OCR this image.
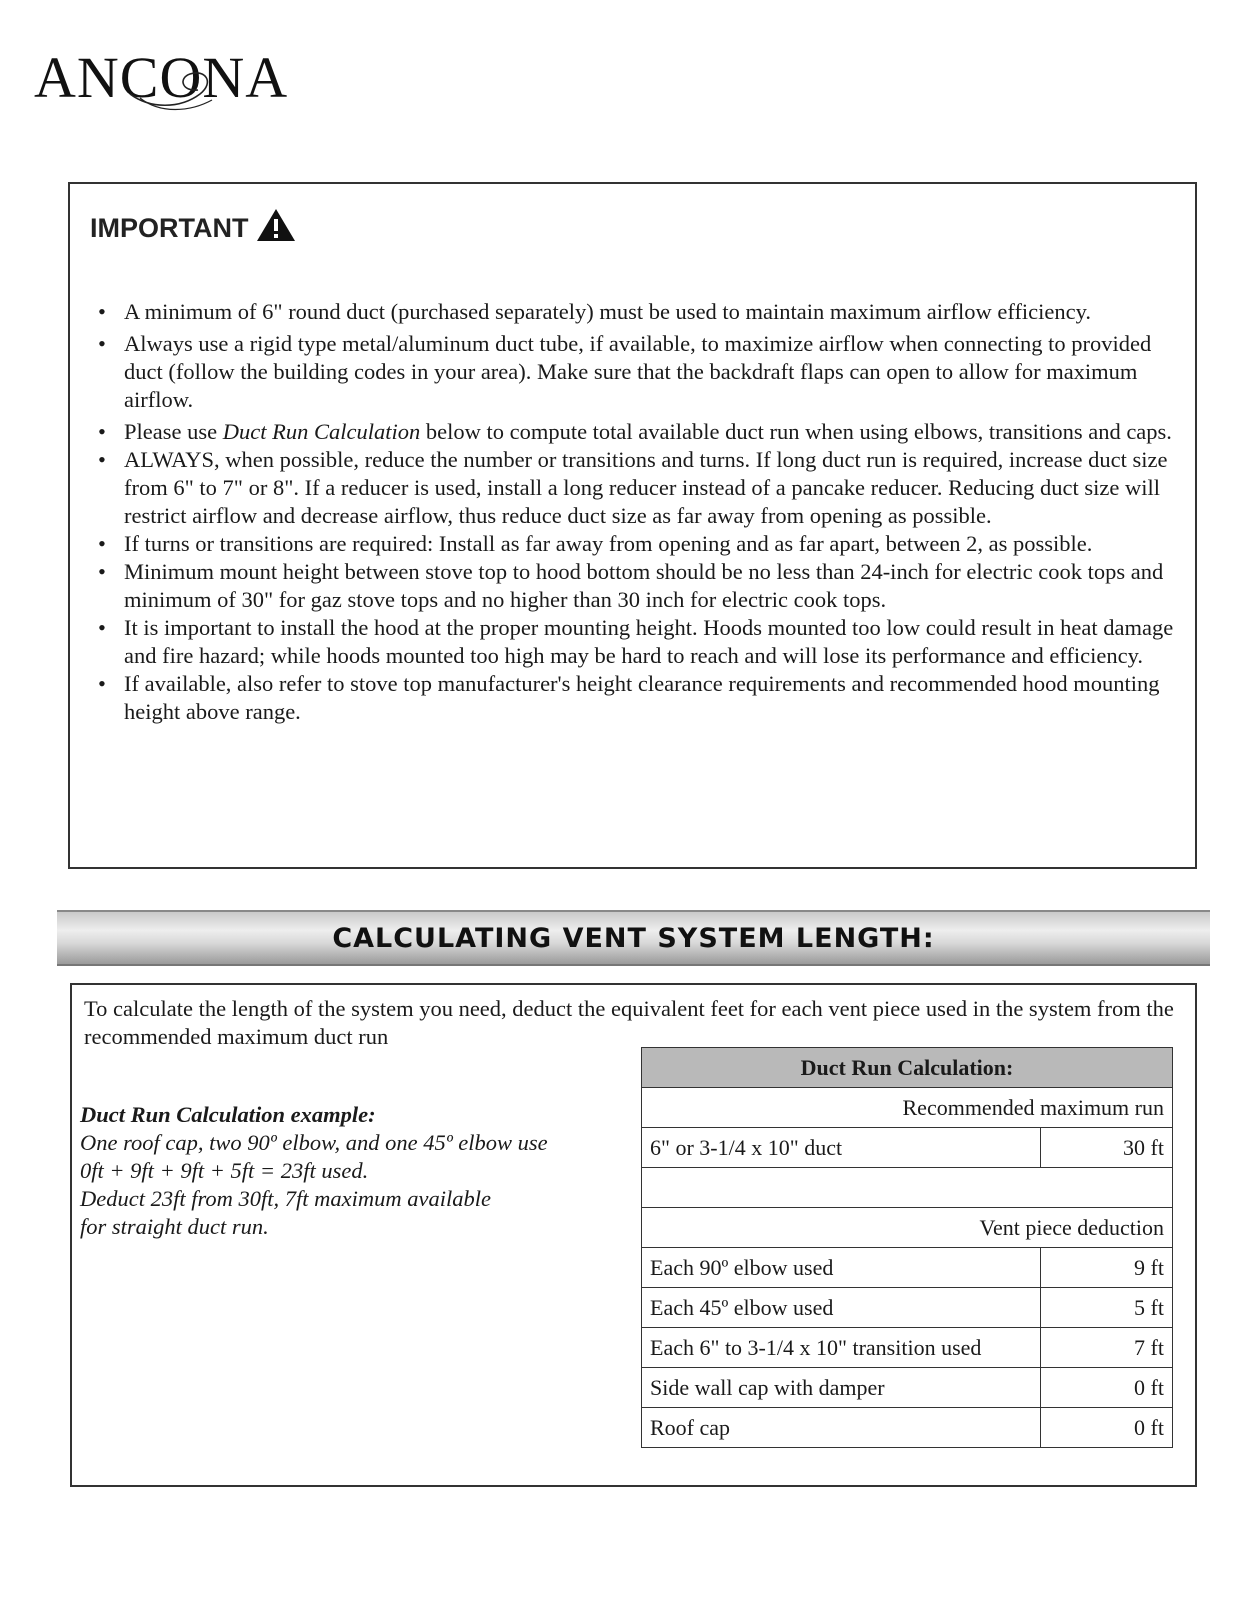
ANCONA
IMPORTANT
• A minimum of 6" round duct (purchased separately) must be used to maintain maximum airflow efficiency.
• Always use a rigid type metal/aluminum duct tube, if available, to maximize airflow when connecting to provided duct (follow the building codes in your area). Make sure that the backdraft flaps can open to allow for maximum airflow.
• Please use Duct Run Calculation below to compute total available duct run when using elbows, transitions and caps.
• ALWAYS, when possible, reduce the number or transitions and turns. If long duct run is required, increase duct size from 6" to 7" or 8". If a reducer is used, install a long reducer instead of a pancake reducer. Reducing duct size will restrict airflow and decrease airflow, thus reduce duct size as far away from opening as possible.
• If turns or transitions are required: Install as far away from opening and as far apart, between 2, as possible.
• Minimum mount height between stove top to hood bottom should be no less than 24-inch for electric cook tops and minimum of 30" for gaz stove tops and no higher than 30 inch for electric cook tops.
• It is important to install the hood at the proper mounting height. Hoods mounted too low could result in heat damage and fire hazard; while hoods mounted too high may be hard to reach and will lose its performance and efficiency.
• If available, also refer to stove top manufacturer's height clearance requirements and recommended hood mounting height above range.
CALCULATING VENT SYSTEM LENGTH:
To calculate the length of the system you need, deduct the equivalent feet for each vent piece used in the system from the recommended maximum duct run
Duct Run Calculation example:
One roof cap, two 90º elbow, and one 45º elbow use
0ft + 9ft + 9ft + 5ft = 23ft used.
Deduct 23ft from 30ft, 7ft maximum available
for straight duct run.
Duct Run Calculation:	
Recommended maximum run	
6" or 3-1/4 x 10" duct	30 ft

Vent piece deduction	
Each 90º elbow used	9 ft
Each 45º elbow used	5 ft
Each 6" to 3-1/4 x 10" transition used	7 ft
Side wall cap with damper	0 ft
Roof cap	0 ft
